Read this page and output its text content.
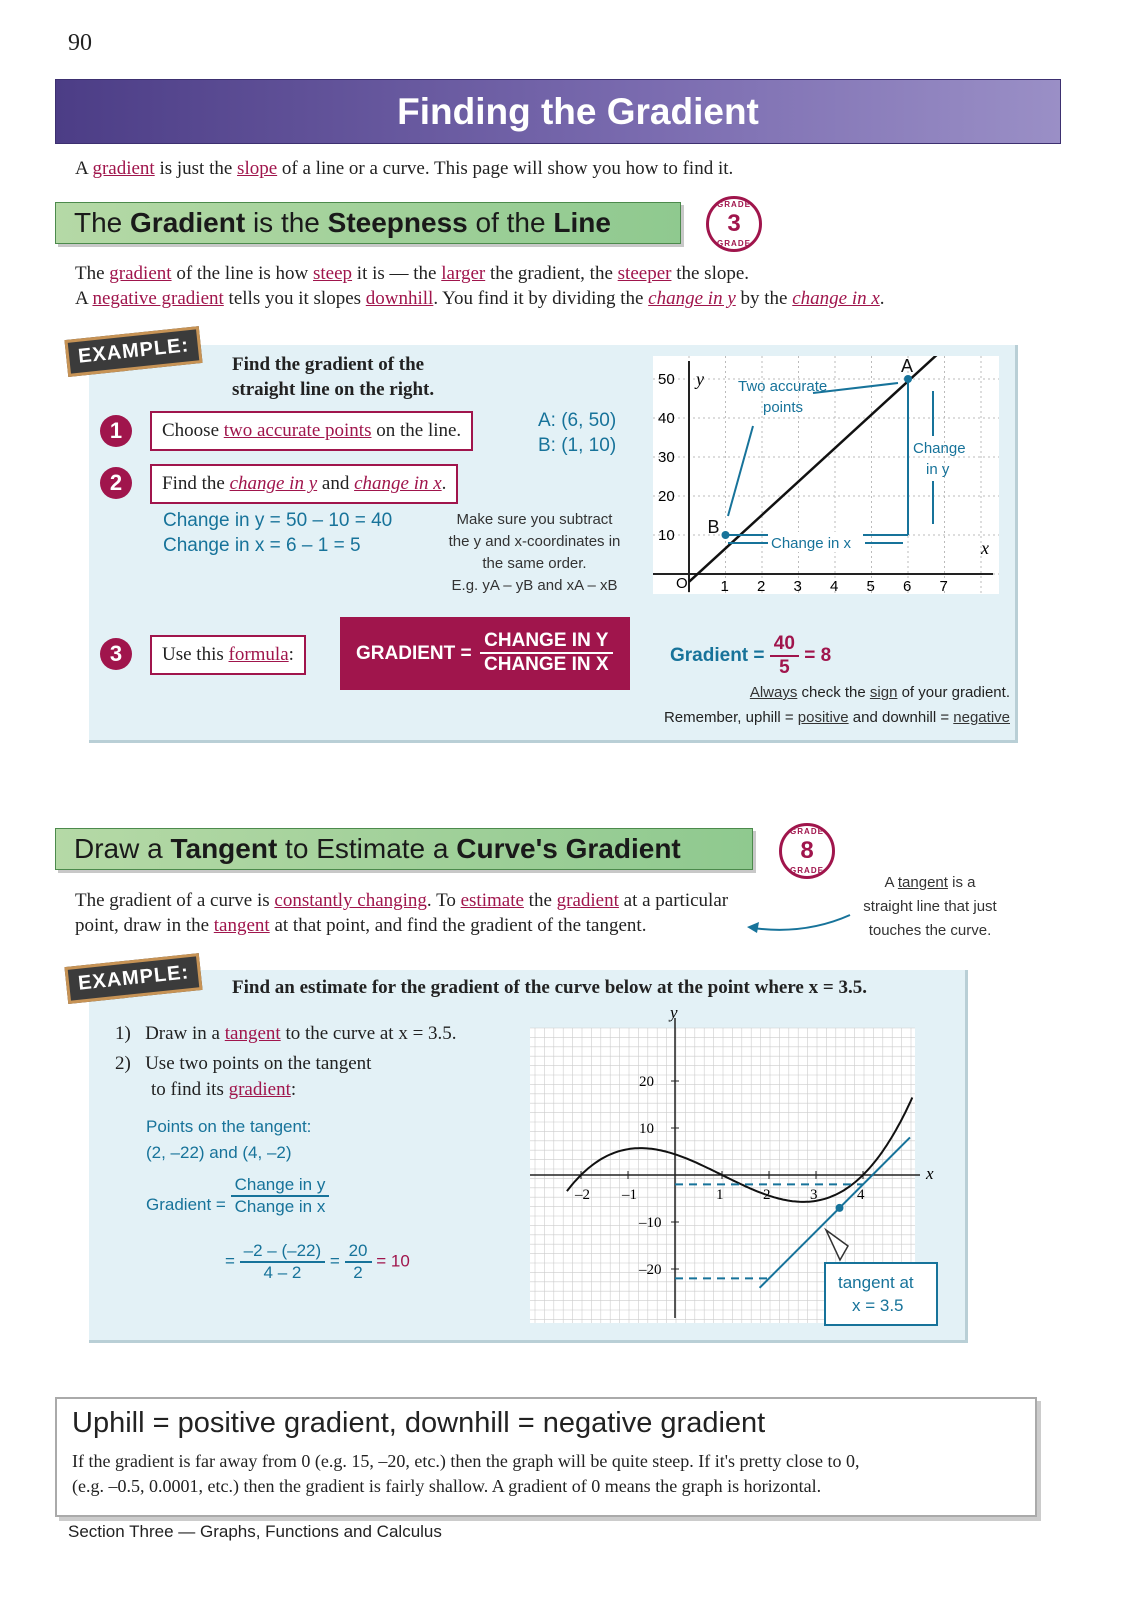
90
Finding the Gradient
A gradient is just the slope of a line or a curve. This page will show you how to find it.
The Gradient is the Steepness of the Line
GRADE
3
GRADE
The gradient of the line is how steep it is — the larger the gradient, the steeper the slope.
A negative gradient tells you it slopes downhill. You find it by dividing the change in y by the change in x.
EXAMPLE:	Find the gradient of the
straight line on the right.
1	Choose two accurate points on the line.	A: (6, 50)
B: (1, 10)
2	Find the change in y and change in x.
Change in y = 50 – 10 = 40
Change in x = 6 – 1 = 5
Make sure you subtract
the y and x-coordinates in
the same order.
E.g. yA – yB and xA – xB
3	Use this formula:	GRADIENT =
CHANGE IN Y
CHANGE IN X	Gradient = $\frac{40}{5} = 8$
Always check the sign of your gradient.
Remember, uphill = positive and downhill = negative
1 2 3 4 5 6 7
10
20
30
40
50
A
B
O
x
y Two accurate
points
Change
in y
Change in x
Draw a Tangent to Estimate a Curve's Gradient
GRADE
8
GRADE
The gradient of a curve is constantly changing. To estimate the gradient at a particular
point, draw in the tangent at that point, and find the gradient of the tangent.
A tangent is a
straight line that just
touches the curve.
EXAMPLE:	Find an estimate for the gradient of the curve below at the point where x = 3.5.
1) Draw in a tangent to the curve at x = 3.5.
2) Use two points on the tangent
to find its gradient:
Points on the tangent:
(2, –22) and (4, –2)
Gradient = $\frac{\text{Change in y}}{\text{Change in x}}$
= $\frac{-2 - (-22)}{4 - 2} = \frac{20}{2} = 10$
–2 –1	1	2	3	4
20
10
–10
–20
x
y
tangent at
x = 3.5
Uphill = positive gradient, downhill = negative gradient
If the gradient is far away from 0 (e.g. 15, –20, etc.) then the graph will be quite steep. If it's pretty close to 0,
(e.g. –0.5, 0.0001, etc.) then the gradient is fairly shallow. A gradient of 0 means the graph is horizontal.
Section Three — Graphs, Functions and Calculus
